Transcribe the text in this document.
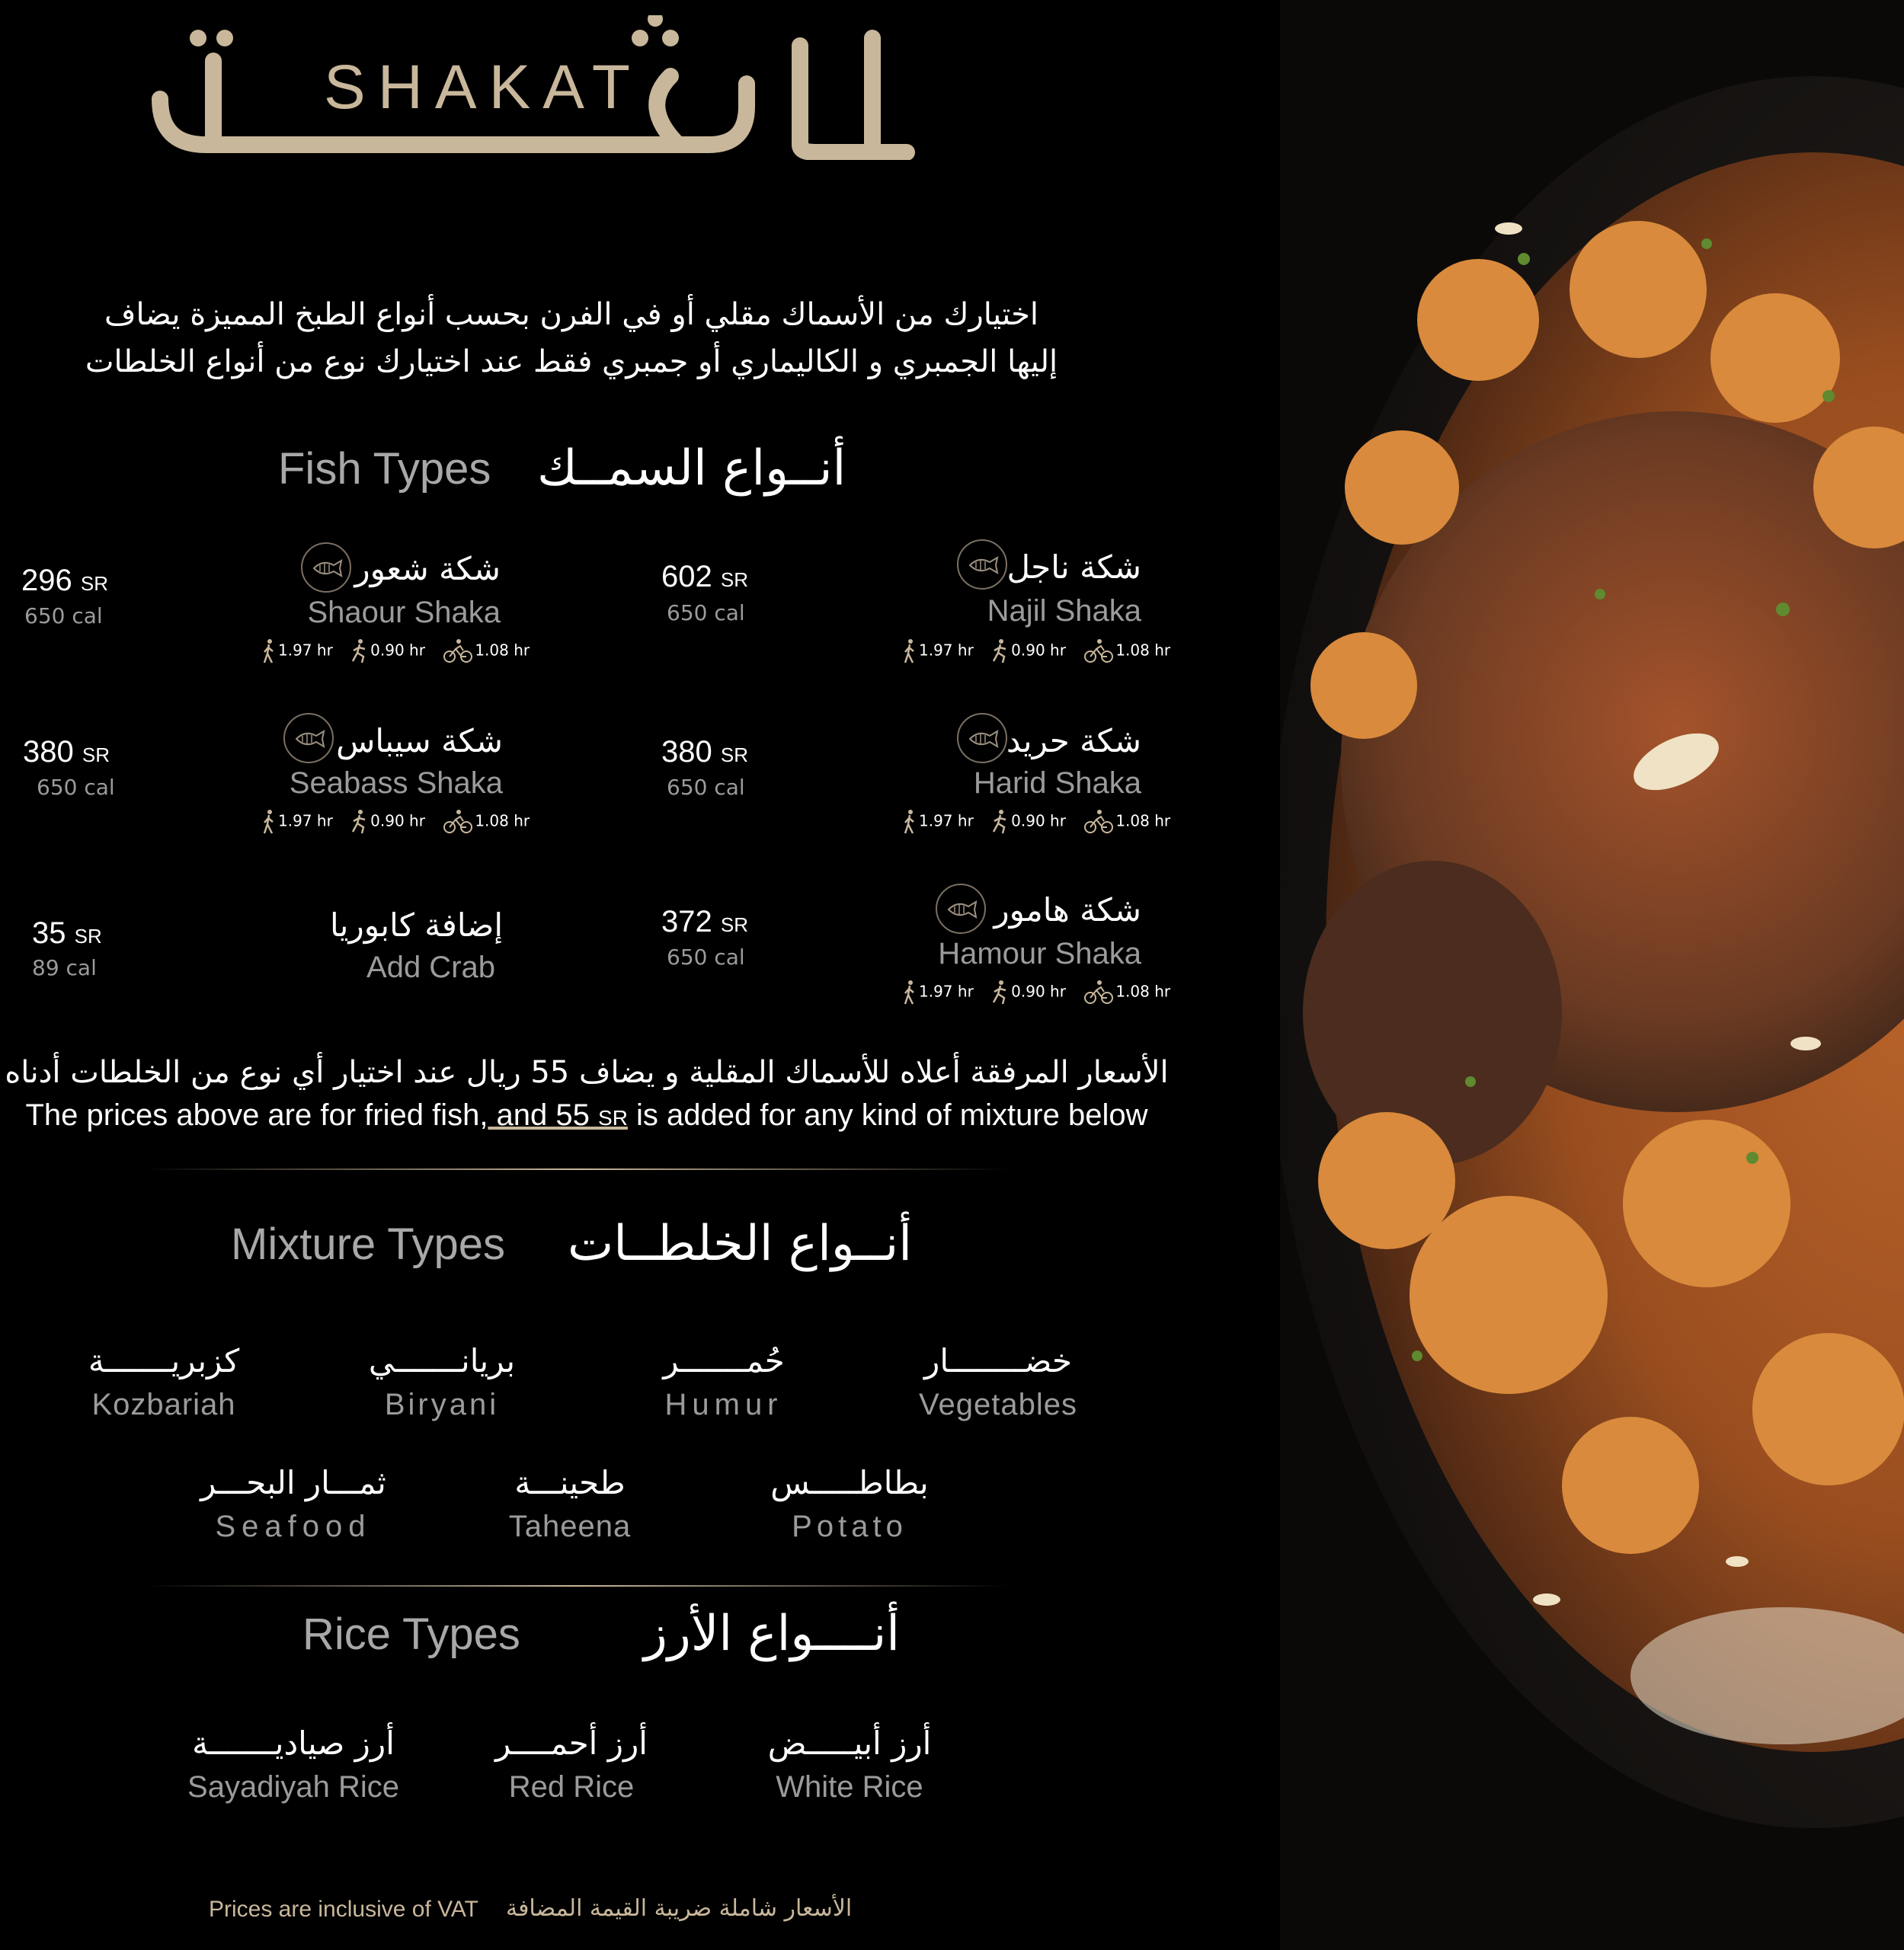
SHAKAT
اختيارك من الأسماك مقلي أو في الفرن بحسب أنواع الطبخ المميزة يضاف
إليها الجمبري و الكاليماري أو جمبري فقط عند اختيارك نوع من أنواع الخلطات
Fish Types أنــواع السمــك
شكة ناجل
Najil Shaka
1.97 hr 0.90 hr	1.08 hr
602 SR
650 cal
شكة شعور
Shaour Shaka
1.97 hr 0.90 hr	1.08 hr
296 SR
650 cal
شكة حريد
Harid Shaka
1.97 hr 0.90 hr	1.08 hr
380 SR
650 cal
شكة سيباس
Seabass Shaka
1.97 hr 0.90 hr	1.08 hr
380 SR
650 cal
شكة هامور
Hamour Shaka
1.97 hr 0.90 hr	1.08 hr
372 SR
650 cal
إضافة كابوريا
Add Crab
35 SR
89 cal
الأسعار المرفقة أعلاه للأسماك المقلية و يضاف 55 ريال عند اختيار أي نوع من الخلطات أدناه
The prices above are for fried fish, and 55 SR is added for any kind of mixture below
Mixture Types أنــواع الخلطــات
خضــــــــار
Vegetables
حُمـــــــر
Humur
بريانـــــــي
Biryani
كزبريـــــــة
Kozbariah
بطاطـــــس
Potato
طحينـــة
Taheena
ثمـــار البحـــر
Seafood
Rice Types	أنــــواع الأرز
أرز أبيـــــض
White Rice
أرز أحمــــر
Red Rice
أرز صياديـــــــة
Sayadiyah Rice
Prices are inclusive of VAT الأسعار شاملة ضريبة القيمة المضافة
